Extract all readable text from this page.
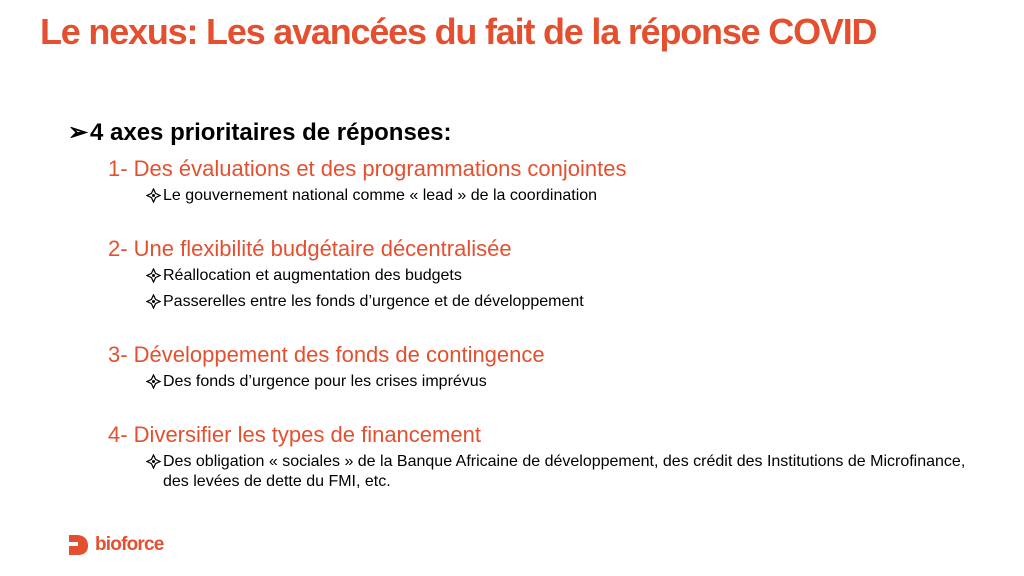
Le nexus: Les avancées du fait de la réponse COVID
➢4 axes prioritaires de réponses:
1- Des évaluations et des programmations conjointes
Le gouvernement national comme « lead » de la coordination
2- Une flexibilité budgétaire décentralisée
Réallocation et augmentation des budgets
Passerelles entre les fonds d’urgence et de développement
3- Développement des fonds de contingence
Des fonds d’urgence pour les crises imprévus
4- Diversifier les types de financement
Des obligation « sociales » de la Banque Africaine de développement, des crédit des Institutions de Microfinance, des levées de dette du FMI, etc.
bioforce
